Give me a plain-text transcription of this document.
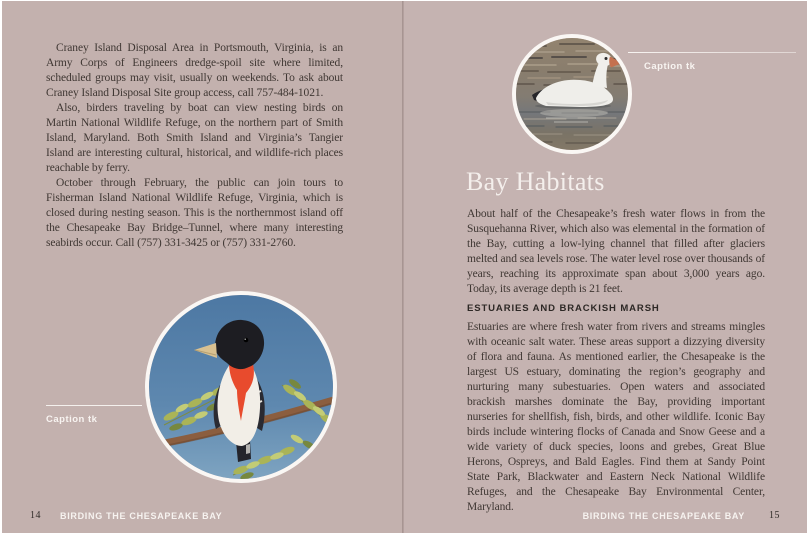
Craney Island Disposal Area in Portsmouth, Virginia, is an Army Corps of Engineers dredge-spoil site where limited, scheduled groups may visit, usually on weekends. To ask about Craney Island Disposal Site group access, call 757-484-1021.

Also, birders traveling by boat can view nesting birds on Martin National Wildlife Refuge, on the northern part of Smith Island, Maryland. Both Smith Island and Virginia’s Tangier Island are interesting cultural, historical, and wildlife-rich places reachable by ferry.

October through February, the public can join tours to Fisherman Island National Wildlife Refuge, Virginia, which is closed during nesting season. This is the northernmost island off the Chesapeake Bay Bridge–Tunnel, where many interesting seabirds occur. Call (757) 331-3425 or (757) 331-2760.

Caption tk
14 BIRDING THE CHESAPEAKE BAY
Caption tk
Bay Habitats

About half of the Chesapeake’s fresh water flows in from the Susquehanna River, which also was elemental in the formation of the Bay, cutting a low-lying channel that filled after glaciers melted and sea levels rose. The water level rose over thousands of years, reaching its approximate span about 3,000 years ago. Today, its average depth is 21 feet.

ESTUARIES AND BRACKISH MARSH

Estuaries are where fresh water from rivers and streams mingles with oceanic salt water. These areas support a dizzying diversity of flora and fauna. As mentioned earlier, the Chesapeake is the largest US estuary, dominating the region’s geography and nurturing many subestuaries. Open waters and associated brackish marshes dominate the Bay, providing important nurseries for shellfish, fish, birds, and other wildlife. Iconic Bay birds include wintering flocks of Canada and Snow Geese and a wide variety of duck species, loons and grebes, Great Blue Herons, Ospreys, and Bald Eagles. Find them at Sandy Point State Park, Blackwater and Eastern Neck National Wildlife Refuges, and the Chesapeake Bay Environmental Center, Maryland.

BIRDING THE CHESAPEAKE BAY 15
